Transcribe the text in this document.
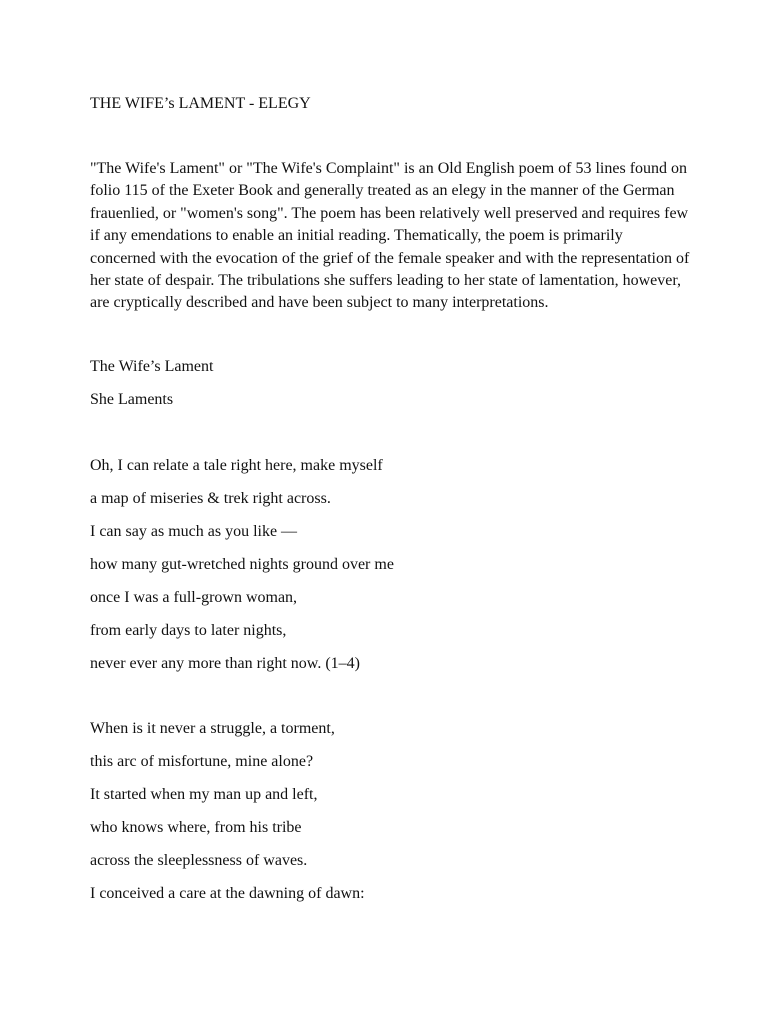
THE WIFE’s LAMENT - ELEGY

"The Wife's Lament" or "The Wife's Complaint" is an Old English poem of 53 lines found on folio 115 of the Exeter Book and generally treated as an elegy in the manner of the German frauenlied, or "women's song". The poem has been relatively well preserved and requires few if any emendations to enable an initial reading. Thematically, the poem is primarily concerned with the evocation of the grief of the female speaker and with the representation of her state of despair. The tribulations she suffers leading to her state of lamentation, however, are cryptically described and have been subject to many interpretations.

The Wife’s Lament
She Laments
Oh, I can relate a tale right here, make myself
a map of miseries & trek right across.
I can say as much as you like —
how many gut-wretched nights ground over me
once I was a full-grown woman,
from early days to later nights,
never ever any more than right now. (1–4)
When is it never a struggle, a torment,
this arc of misfortune, mine alone?
It started when my man up and left,
who knows where, from his tribe
across the sleeplessness of waves.
I conceived a care at the dawning of dawn:
